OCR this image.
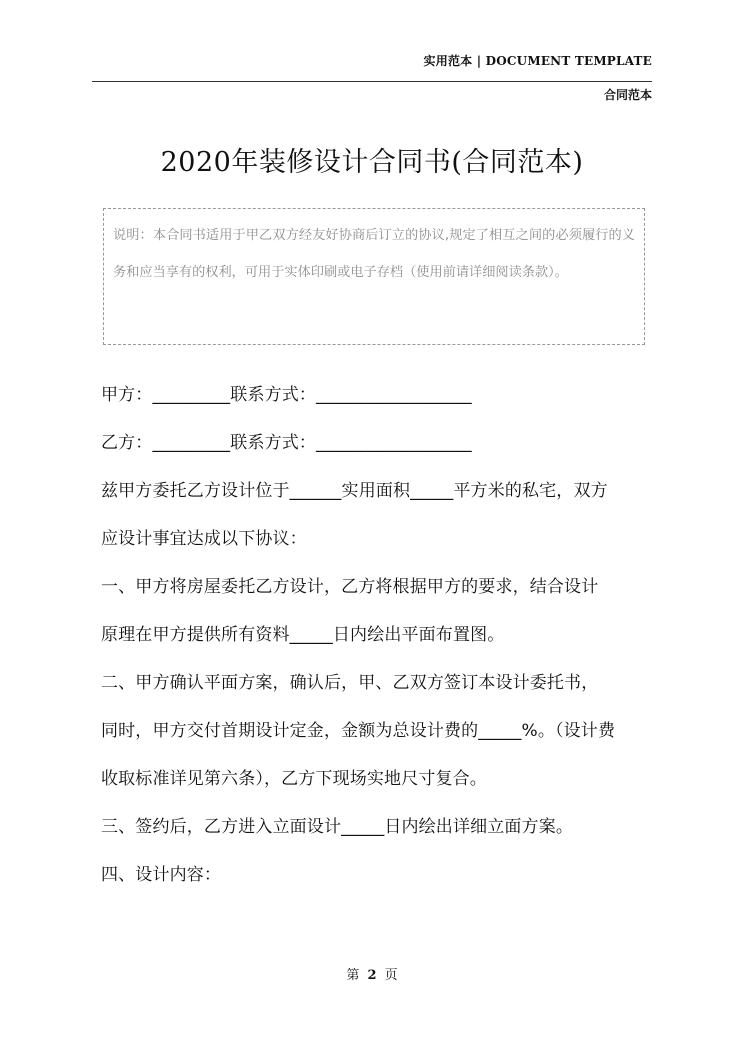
实用范本 | DOCUMENT TEMPLATE
合同范本
2020年装修设计合同书(合同范本)
说明：本合同书适用于甲乙双方经友好协商后订立的协议,规定了相互之间的必须履行的义务和应当享有的权利，可用于实体印刷或电子存档（使用前请详细阅读条款）。

甲方：_________联系方式：__________________

乙方：_________联系方式：__________________

兹甲方委托乙方设计位于______实用面积_____平方米的私宅，双方

应设计事宜达成以下协议：

一、甲方将房屋委托乙方设计，乙方将根据甲方的要求，结合设计

原理在甲方提供所有资料_____日内绘出平面布置图。

二、甲方确认平面方案，确认后，甲、乙双方签订本设计委托书，

同时，甲方交付首期设计定金，金额为总设计费的_____%。（设计费

收取标准详见第六条），乙方下现场实地尺寸复合。

三、签约后，乙方进入立面设计_____日内绘出详细立面方案。

四、设计内容：

第 2 页
